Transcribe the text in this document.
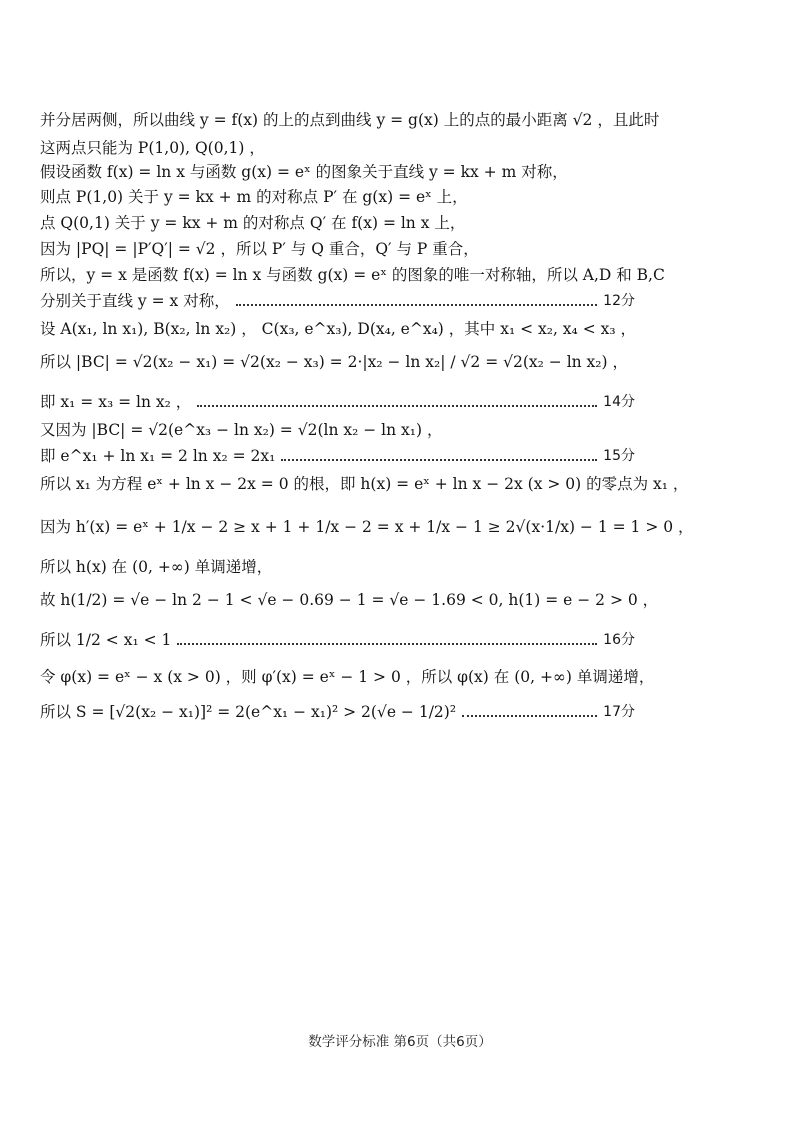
并分居两侧，所以曲线 y = f(x) 的上的点到曲线 y = g(x) 上的点的最小距离 √2 ，且此时
这两点只能为 P(1,0), Q(0,1) ，
假设函数 f(x) = ln x 与函数 g(x) = eˣ 的图象关于直线 y = kx + m 对称，
则点 P(1,0) 关于 y = kx + m 的对称点 P′ 在 g(x) = eˣ 上，
点 Q(0,1) 关于 y = kx + m 的对称点 Q′ 在 f(x) = ln x 上，
因为 |PQ| = |P′Q′| = √2 ，所以 P′ 与 Q 重合，Q′ 与 P 重合，
所以，y = x 是函数 f(x) = ln x 与函数 g(x) = eˣ 的图象的唯一对称轴，所以 A,D 和 B,C
分别关于直线 y = x 对称，	12分
设 A(x₁, ln x₁), B(x₂, ln x₂) ， C(x₃, e^x₃), D(x₄, e^x₄) ，其中 x₁ < x₂, x₄ < x₃ ，
所以 |BC| = √2(x₂ − x₁) = √2(x₂ − x₃) = 2·|x₂ − ln x₂| / √2 = √2(x₂ − ln x₂) ，
即 x₁ = x₃ = ln x₂ ，	14分
又因为 |BC| = √2(e^x₃ − ln x₂) = √2(ln x₂ − ln x₁) ，
即 e^x₁ + ln x₁ = 2 ln x₂ = 2x₁	15分
所以 x₁ 为方程 eˣ + ln x − 2x = 0 的根，即 h(x) = eˣ + ln x − 2x (x > 0) 的零点为 x₁ ，
因为 h′(x) = eˣ + 1/x − 2 ≥ x + 1 + 1/x − 2 = x + 1/x − 1 ≥ 2√(x·1/x) − 1 = 1 > 0 ，
所以 h(x) 在 (0, +∞) 单调递增，
故 h(1/2) = √e − ln 2 − 1 < √e − 0.69 − 1 = √e − 1.69 < 0, h(1) = e − 2 > 0 ，
所以 1/2 < x₁ < 1	16分
令 φ(x) = eˣ − x (x > 0) ，则 φ′(x) = eˣ − 1 > 0 ，所以 φ(x) 在 (0, +∞) 单调递增，
所以 S = [√2(x₂ − x₁)]² = 2(e^x₁ − x₁)² > 2(√e − 1/2)²	17分
数学评分标准 第6页（共6页）
